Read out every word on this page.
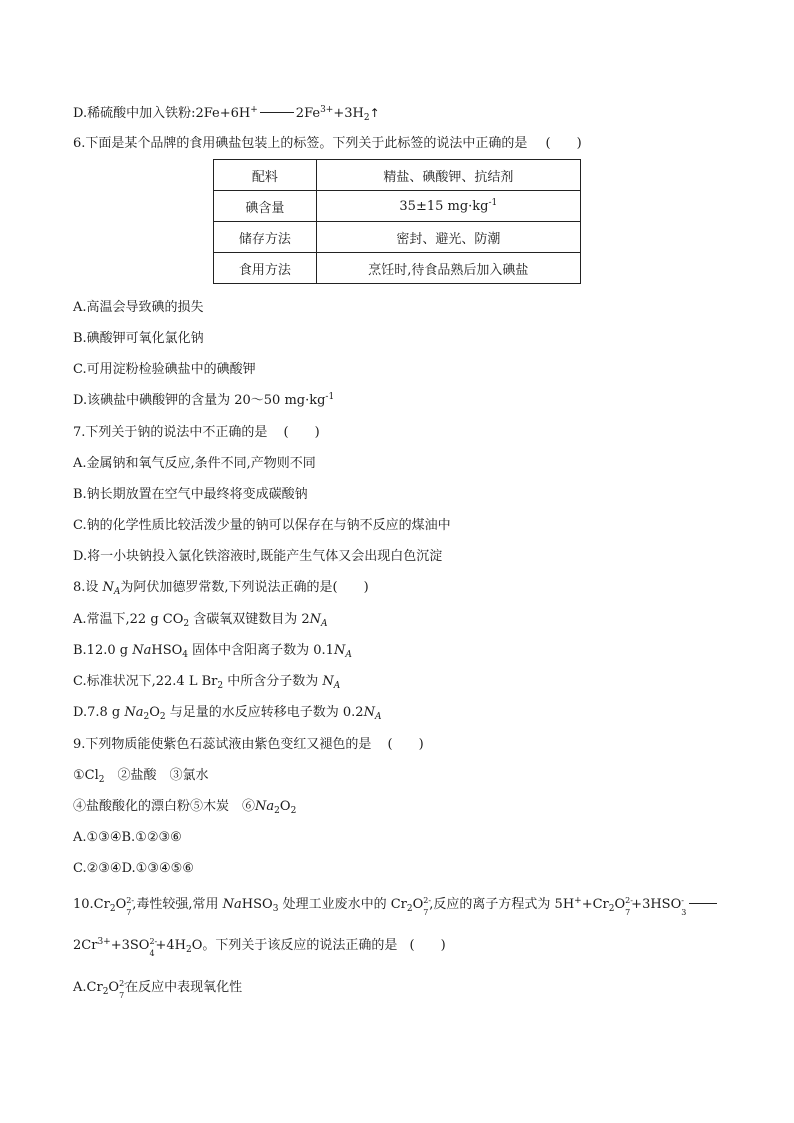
D.稀硫酸中加入铁粉:2Fe+6H+	$2Fe^{3+}+3H_2↑$
6.下面是某个品牌的食用碘盐包装上的标签。下列关于此标签的说法中正确的是 (　　)
配料	精盐、碘酸钾、抗结剂
碘含量	35±15 $mg\cdot kg^{-1}$
储存方法	密封、避光、防潮
食用方法	烹饪时,待食品熟后加入碘盐
A.高温会导致碘的损失
B.碘酸钾可氧化氯化钠
C.可用淀粉检验碘盐中的碘酸钾
D.该碘盐中碘酸钾的含量为 20～50 $mg\cdot kg^{-1}$
7.下列关于钠的说法中不正确的是 (　　)
A.金属钠和氧气反应,条件不同,产物则不同
B.钠长期放置在空气中最终将变成碳酸钠
C.钠的化学性质比较活泼少量的钠可以保存在与钠不反应的煤油中
D.将一小块钠投入氯化铁溶液时,既能产生气体又会出现白色沉淀
8.设 $N_A$为阿伏加德罗常数,下列说法正确的是(　　)
A.常温下,22 g $CO_2$ 含碳氧双键数目为 $2N_A$
B.12.0 g NaHSO$_4$ 固体中含阳离子数为 $0.1N_A$
C.标准状况下,22.4 L $Br_2$ 中所含分子数为 $N_A$
D.7.8 g $Na_2O_2$ 与足量的水反应转移电子数为 $0.2N_A$
9.下列物质能使紫色石蕊试液由紫色变红又褪色的是 (　　)
$①Cl_2$　②盐酸　③氯水
④盐酸酸化的漂白粉⑤木炭　$⑥Na_2O_2$
A.①③④B.①②③⑥
C.②③④D.①③④⑤⑥
$10.Cr_2O$ 2-
7 ,毒性较强,常用 NaHSO$_3$ 处理工业废水中的 $Cr_2O$ 2-
7 ,反应的离子方程式为 $5H^++Cr_2O$ 2-
7 +3HSO -
3
$2Cr^{3+}+3SO$ 2-
$4 +4H_2O$。下列关于该反应的说法正确的是 (　　)
$A.Cr_2O$ 2-
7 在反应中表现氧化性
